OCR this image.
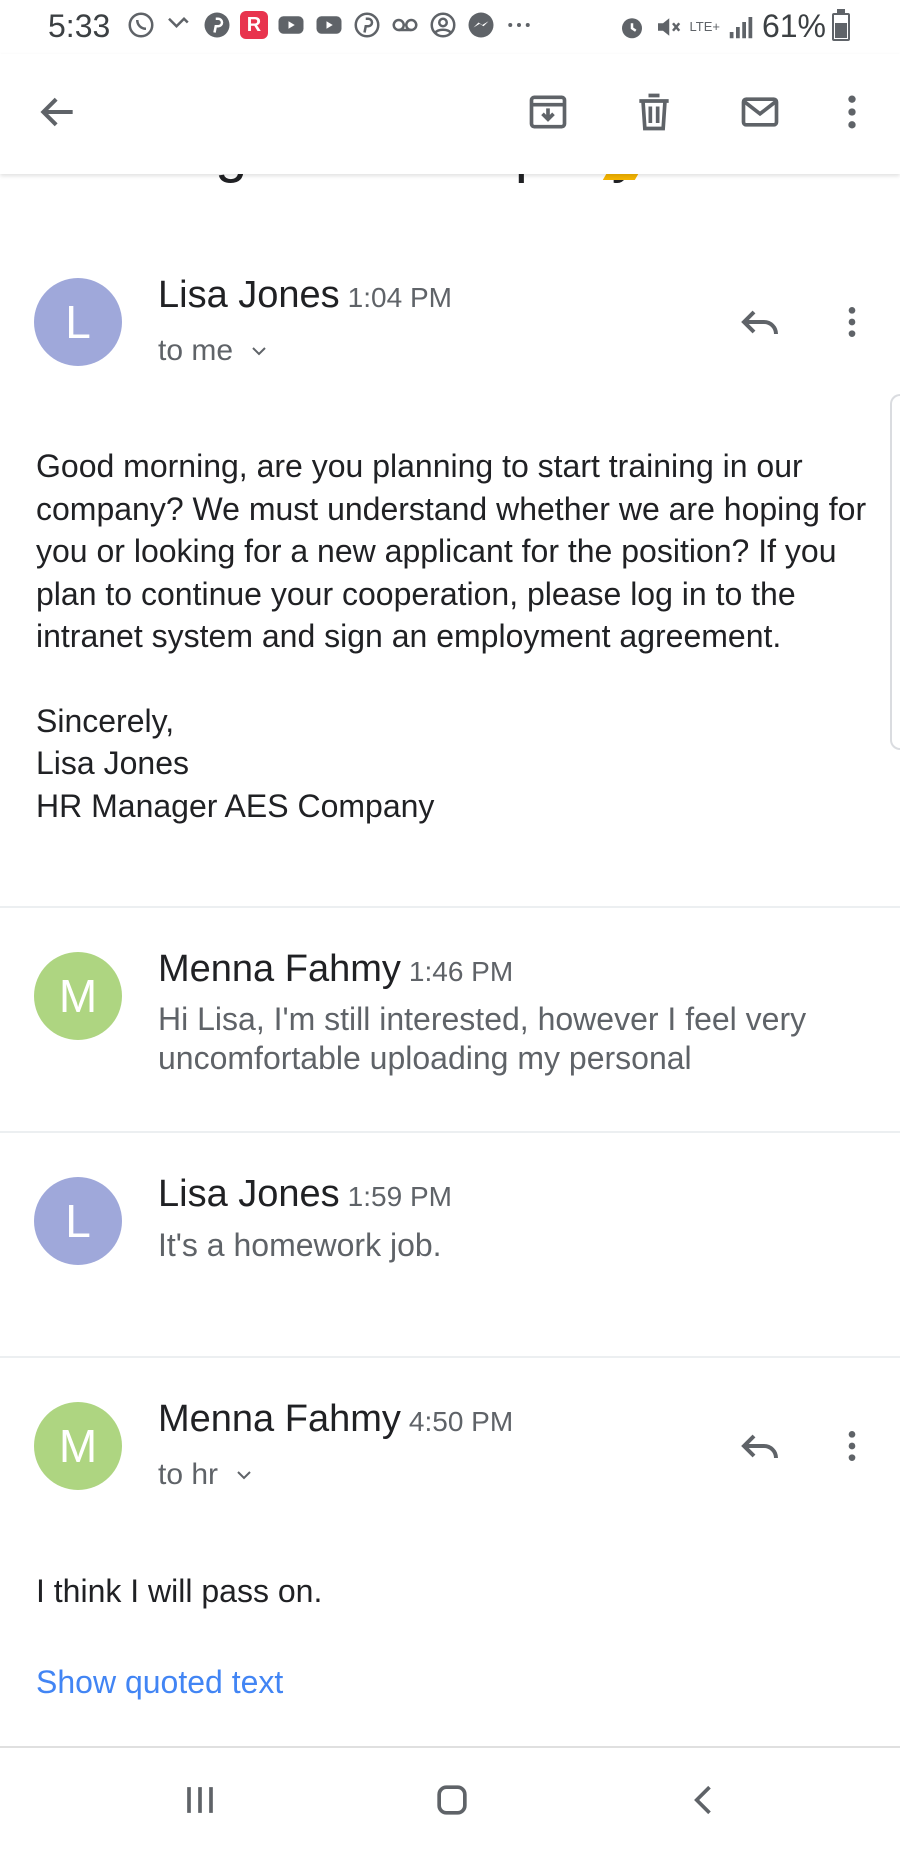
5:33	R	LTE+ 61%
L
Lisa Jones 1:04 PM
to me

Good morning, are you planning to start training in our company? We must understand whether we are hoping for you or looking for a new applicant for the position? If you plan to continue your cooperation, please log in to the intranet system and sign an employment agreement.

Sincerely,

Lisa Jones

HR Manager AES Company

M
Menna Fahmy 1:46 PM
Hi Lisa, I'm still interested, however I feel very uncomfortable uploading my personal
L
Lisa Jones 1:59 PM
It's a homework job.
M
Menna Fahmy 4:50 PM
to hr

I think I will pass on.

Show quoted text
